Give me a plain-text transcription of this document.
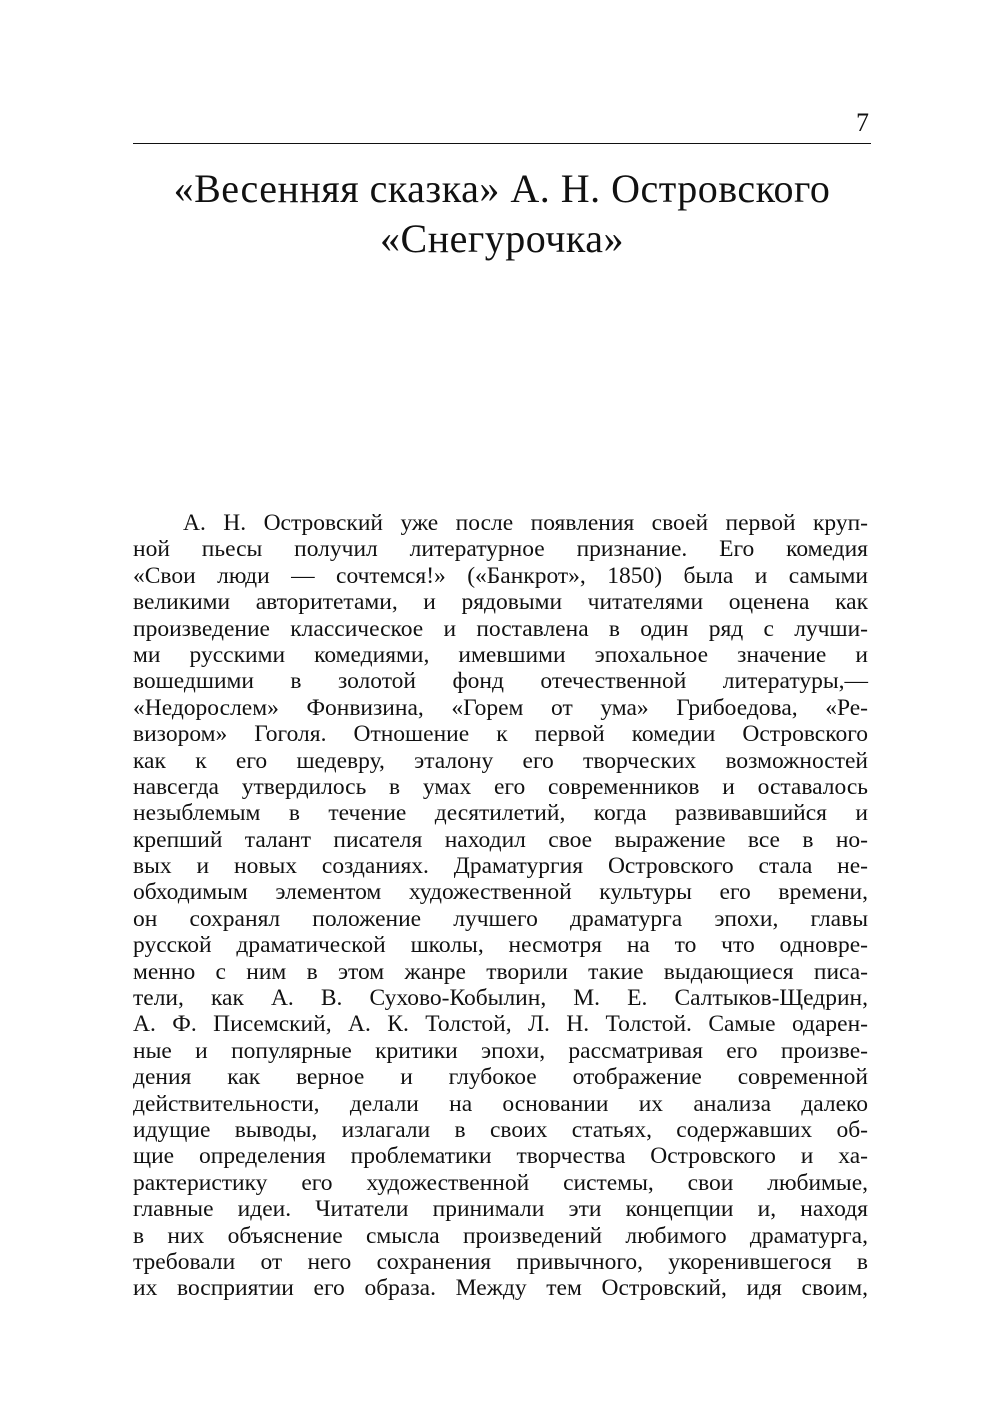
7
«Весенняя сказка» А. Н. Островского
«Снегурочка»
А. Н. Островский уже после появления своей первой круп-
ной пьесы получил литературное признание. Его комедия
«Свои люди — сочтемся!» («Банкрот», 1850) была и самыми
великими авторитетами, и рядовыми читателями оценена как
произведение классическое и поставлена в один ряд с лучши-
ми русскими комедиями, имевшими эпохальное значение и
вошедшими в золотой фонд отечественной литературы,—
«Недорослем» Фонвизина, «Горем от ума» Грибоедова, «Ре-
визором» Гоголя. Отношение к первой комедии Островского
как к его шедевру, эталону его творческих возможностей
навсегда утвердилось в умах его современников и оставалось
незыблемым в течение десятилетий, когда развивавшийся и
крепший талант писателя находил свое выражение все в но-
вых и новых созданиях. Драматургия Островского стала не-
обходимым элементом художественной культуры его времени,
он сохранял положение лучшего драматурга эпохи, главы
русской драматической школы, несмотря на то что одновре-
менно с ним в этом жанре творили такие выдающиеся писа-
тели, как А. В. Сухово-Кобылин, М. Е. Салтыков-Щедрин,
А. Ф. Писемский, А. К. Толстой, Л. Н. Толстой. Самые одарен-
ные и популярные критики эпохи, рассматривая его произве-
дения как верное и глубокое отображение современной
действительности, делали на основании их анализа далеко
идущие выводы, излагали в своих статьях, содержавших об-
щие определения проблематики творчества Островского и ха-
рактеристику его художественной системы, свои любимые,
главные идеи. Читатели принимали эти концепции и, находя
в них объяснение смысла произведений любимого драматурга,
требовали от него сохранения привычного, укоренившегося в
их восприятии его образа. Между тем Островский, идя своим,
